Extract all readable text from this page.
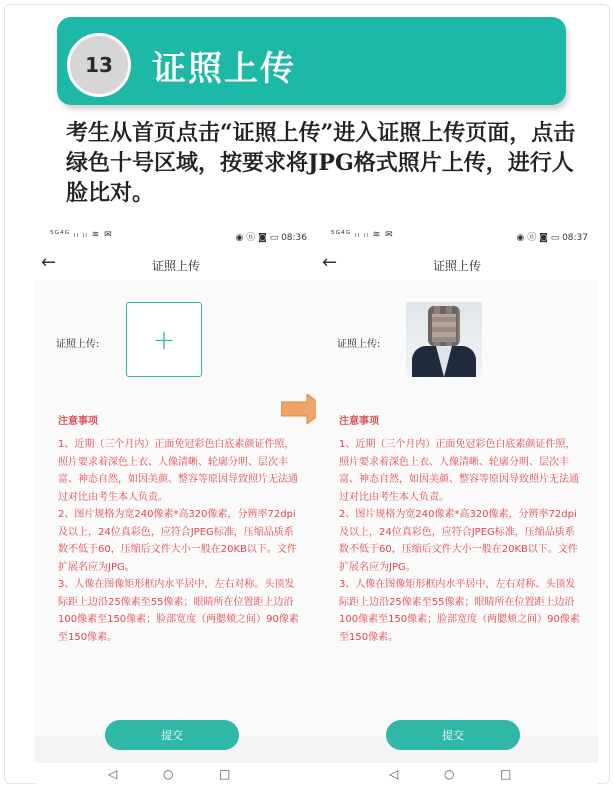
13	证照上传
考生从首页点击“证照上传”进入证照上传页面，点击绿色十号区域，按要求将JPG格式照片上传，进行人脸比对。
⁵ᴳ⁴ᴳ ᵢₗ ᵢₗ ≋ ✉	◉ ⓝ ◙ ▭ 08:36
←	证照上传
证照上传: +
注意事项

1、近期（三个月内）正面免冠彩色白底素颜证件照，照片要求着深色上衣、人像清晰、轮廓分明、层次丰富、神态自然，如因美颜、整容等原因导致照片无法通过对比由考生本人负责。

2、图片规格为宽240像素*高320像素，分辨率72dpi及以上，24位真彩色，应符合JPEG标准，压缩品质系数不低于60，压缩后文件大小一般在20KB以下。文件扩展名应为JPG。

3、人像在图像矩形框内水平居中，左右对称。头顶发际距上边沿25像素至55像素；眼睛所在位置距上边沿100像素至150像素；脸部宽度（两腮颊之间）90像素至150像素。

提交
◁	○	□
⁵ᴳ⁴ᴳ ᵢₗ ᵢₗ ≋ ✉	◉ ⓝ ◙ ▭ 08:37
←	证照上传
证照上传:
注意事项

1、近期（三个月内）正面免冠彩色白底素颜证件照，照片要求着深色上衣、人像清晰、轮廓分明、层次丰富、神态自然，如因美颜、整容等原因导致照片无法通过对比由考生本人负责。

2、图片规格为宽240像素*高320像素，分辨率72dpi及以上，24位真彩色，应符合JPEG标准，压缩品质系数不低于60，压缩后文件大小一般在20KB以下。文件扩展名应为JPG。

3、人像在图像矩形框内水平居中，左右对称。头顶发际距上边沿25像素至55像素；眼睛所在位置距上边沿100像素至150像素；脸部宽度（两腮颊之间）90像素至150像素。

提交
◁	○	□
